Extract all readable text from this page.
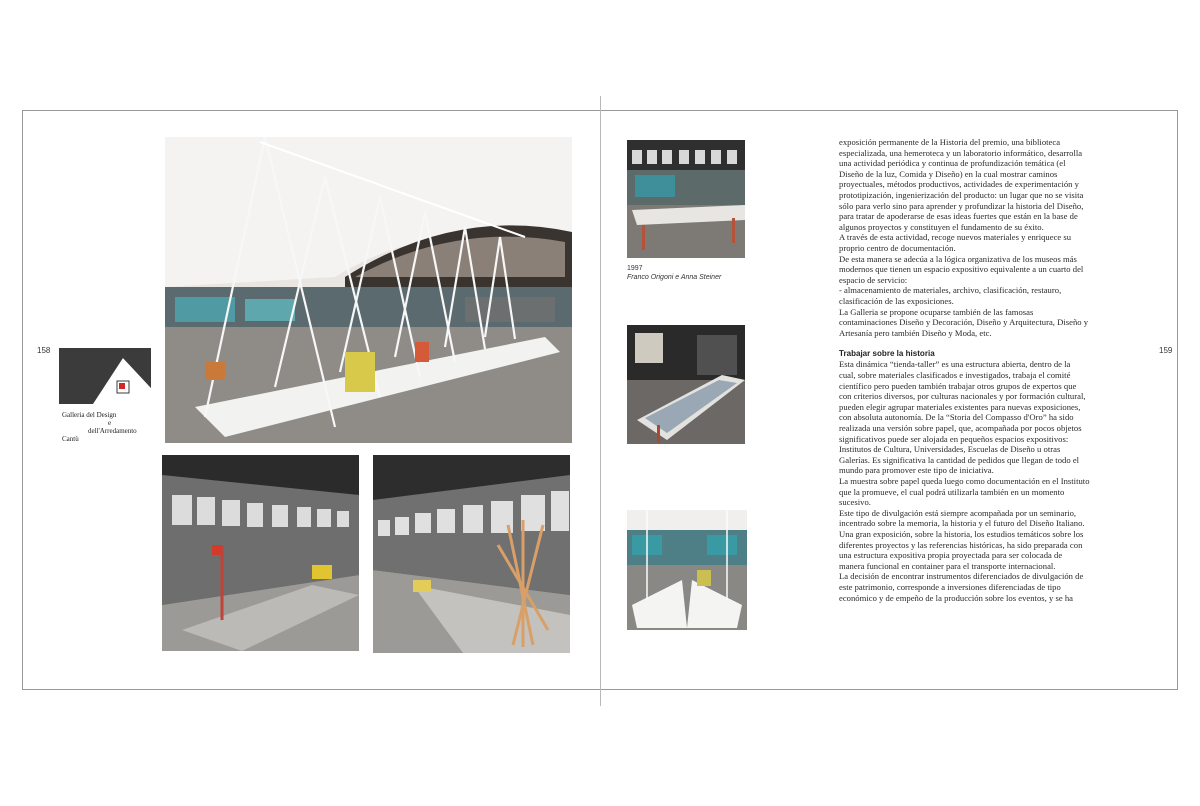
158	159
1997
Franco Origoni e Anna Steiner
Galleria del Design
e
dell'Arredamento
Cantù

exposición permanente de la Historia del premio, una biblioteca

especializada, una hemeroteca y un laboratorio informático, desarrolla

una actividad periódica y continua de profundización temática (el

Diseño de la luz, Comida y Diseño) en la cual mostrar caminos

proyectuales, métodos productivos, actividades de experimentación y

prototipización, ingenierización del producto: un lugar que no se visita

sólo para verlo sino para aprender y profundizar la historia del Diseño,

para tratar de apoderarse de esas ideas fuertes que están en la base de

algunos proyectos y constituyen el fundamento de su éxito.

A través de esta actividad, recoge nuevos materiales y enriquece su

proprio centro de documentación.

De esta manera se adecúa a la lógica organizativa de los museos más

modernos que tienen un espacio expositivo equivalente a un cuarto del

espacio de servicio:

- almacenamiento de materiales, archivo, clasificación, restauro,

clasificación de las exposiciones.

La Galleria se propone ocuparse también de las famosas

contaminaciones Diseño y Decoración, Diseño y Arquitectura, Diseño y

Artesanía pero también Diseño y Moda, etc.

Trabajar sobre la historia

Esta dinámica “tienda-taller” es una estructura abierta, dentro de la

cual, sobre materiales clasificados e investigados, trabaja el comité

científico pero pueden también trabajar otros grupos de expertos que

con criterios diversos, por culturas nacionales y por formación cultural,

pueden elegir agrupar materiales existentes para nuevas exposiciones,

con absoluta autonomía. De la “Storia del Compasso d'Oro” ha sido

realizada una versión sobre papel, que, acompañada por pocos objetos

significativos puede ser alojada en pequeños espacios expositivos:

Institutos de Cultura, Universidades, Escuelas de Diseño u otras

Galerías. Es significativa la cantidad de pedidos que llegan de todo el

mundo para promover este tipo de iniciativa.

La muestra sobre papel queda luego como documentación en el Instituto

que la promueve, el cual podrá utilizarla también en un momento

sucesivo.

Este tipo de divulgación está siempre acompañada por un seminario,

incentrado sobre la memoria, la historia y el futuro del Diseño Italiano.

Una gran exposición, sobre la historia, los estudios temáticos sobre los

diferentes proyectos y las referencias históricas, ha sido preparada con

una estructura expositiva propia proyectada para ser colocada de

manera funcional en container para el transporte internacional.

La decisión de encontrar instrumentos diferenciados de divulgación de

este patrimonio, corresponde a inversiones diferenciadas de tipo

económico y de empeño de la producción sobre los eventos, y se ha
